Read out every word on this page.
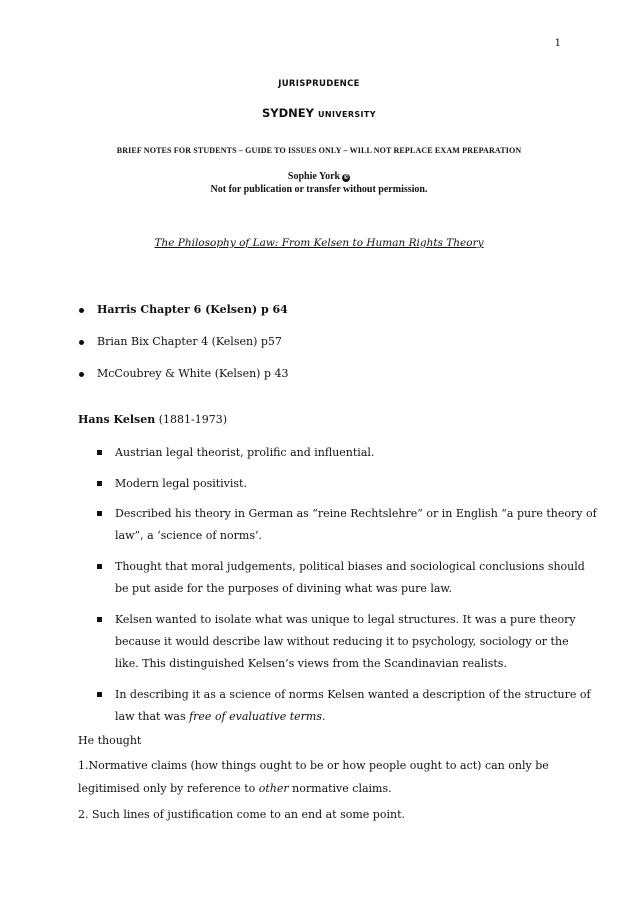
1
JURISPRUDENCE
SYDNEY UNIVERSITY
BRIEF NOTES FOR STUDENTS – GUIDE TO ISSUES ONLY – WILL NOT REPLACE EXAM PREPARATION
Sophie York ©
Not for publication or transfer without permission.
The Philosophy of Law: From Kelsen to Human Rights Theory
Harris Chapter 6 (Kelsen) p 64
Brian Bix Chapter 4 (Kelsen) p57
McCoubrey & White (Kelsen) p 43
Hans Kelsen (1881-1973)
Austrian legal theorist, prolific and influential.
Modern legal positivist.
Described his theory in German as “reine Rechtslehre” or in English “a pure theory of
law”, a ‘science of norms’.
Thought that moral judgements, political biases and sociological conclusions should
be put aside for the purposes of divining what was pure law.
Kelsen wanted to isolate what was unique to legal structures. It was a pure theory
because it would describe law without reducing it to psychology, sociology or the
like. This distinguished Kelsen’s views from the Scandinavian realists.
In describing it as a science of norms Kelsen wanted a description of the structure of
law that was free of evaluative terms.
He thought
1.Normative claims (how things ought to be or how people ought to act) can only be
legitimised only by reference to other normative claims.
2. Such lines of justification come to an end at some point.
